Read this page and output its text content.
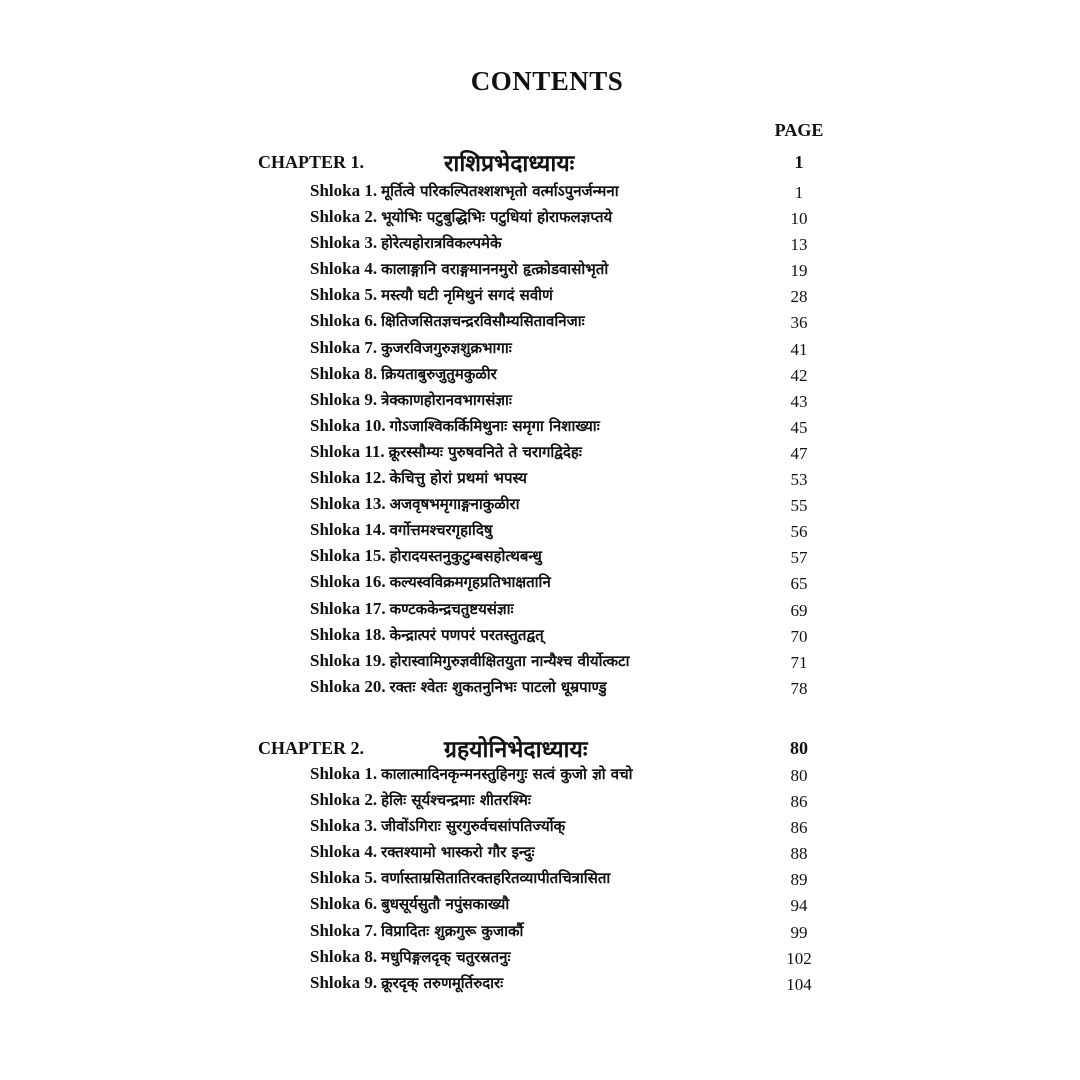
CONTENTS
PAGE
CHAPTER 1.	राशिप्रभेदाध्यायः	1
Shloka 1. मूर्तित्वे परिकल्पितश्शशभृतो वर्त्माऽपुनर्जन्मना	1
Shloka 2. भूयोभिः पटुबुद्धिभिः पटुधियां होराफलज्ञप्तये	10
Shloka 3. होरेत्यहोरात्रविकल्पमेके	13
Shloka 4. कालाङ्गानि वराङ्गमाननमुरो हृत्क्रोडवासोभृतो	19
Shloka 5. मस्त्यौ घटी नृमिथुनं सगदं सवीणं	28
Shloka 6. क्षितिजसितज्ञचन्द्ररविसौम्यसितावनिजाः	36
Shloka 7. कुजरविजगुरुज्ञशुक्रभागाः	41
Shloka 8. क्रियताबुरुजुतुमकुळीर	42
Shloka 9. त्रेक्काणहोरानवभागसंज्ञाः	43
Shloka 10. गोऽजाश्विकर्किमिथुनाः समृगा निशाख्याः	45
Shloka 11. क्रूरस्सौम्यः पुरुषवनिते ते चरागद्विदेहः	47
Shloka 12. केचित्तु होरां प्रथमां भपस्य	53
Shloka 13. अजवृषभमृगाङ्गनाकुळीरा	55
Shloka 14. वर्गोत्तमश्चरगृहादिषु	56
Shloka 15. होरादयस्तनुकुटुम्बसहोत्थबन्धु	57
Shloka 16. कल्यस्वविक्रमगृहप्रतिभाक्षतानि	65
Shloka 17. कण्टककेन्द्रचतुष्टयसंज्ञाः	69
Shloka 18. केन्द्रात्परं पणपरं परतस्तुतद्वत्	70
Shloka 19. होरास्वामिगुरुज्ञवीक्षितयुता नान्यैश्च वीर्योत्कटा	71
Shloka 20. रक्तः श्वेतः शुकतनुनिभः पाटलो धूम्रपाण्डु	78
CHAPTER 2.	ग्रहयोनिभेदाध्यायः	80
Shloka 1. कालात्मादिनकृन्मनस्तुहिनगुः सत्वं कुजो ज्ञो वचो	80
Shloka 2. हेलिः सूर्यश्चन्द्रमाः शीतरश्मिः	86
Shloka 3. जीवोंऽगिराः सुरगुरुर्वचसांपतिर्ज्योक्	86
Shloka 4. रक्तश्यामो भास्करो गौर इन्दुः	88
Shloka 5. वर्णास्ताम्रसितातिरक्तहरितव्यापीतचित्रासिता	89
Shloka 6. बुधसूर्यसुतौ नपुंसकाख्यौ	94
Shloka 7. विप्रादितः शुक्रगुरू कुजार्कौ	99
Shloka 8. मधुपिङ्गलदृक् चतुरस्रतनुः	102
Shloka 9. क्रूरदृक् तरुणमूर्तिरुदारः	104
